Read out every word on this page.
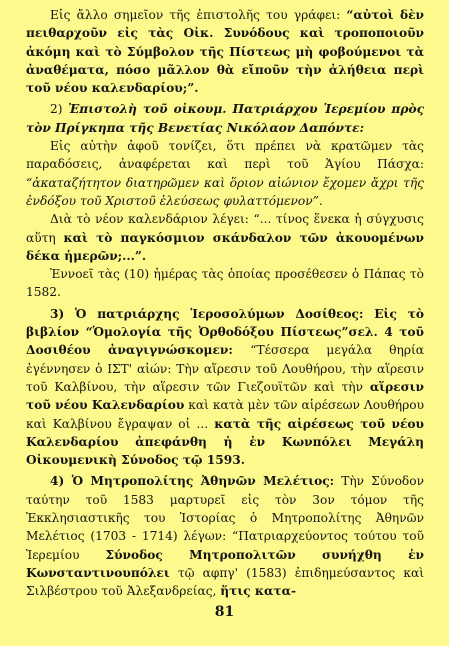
Εἰς ἄλλο σημεῖον τῆς ἐπιστολῆς του γράφει: “αὐτοὶ δὲν πειθαρχοῦν εἰς τὰς Οἰκ. Συνόδους καὶ τροποποιοῦν ἀκόμη καὶ τὸ Σύμβολον τῆς Πίστεως μὴ φοβούμενοι τὰ ἀναθέματα, πόσο μᾶλλον θὰ εἴποῦν τὴν ἀλήθεια περὶ τοῦ νέου καλενδαρίου;”.

2) Ἐπιστολὴ τοῦ οἰκουμ. Πατριάρχου Ἱερεμίου πρὸς τὸν Πρίγκηπα τῆς Βενετίας Νικόλαον Δαπόντε:

Εἰς αὐτὴν ἀφοῦ τονίζει, ὅτι πρέπει νὰ κρατῶμεν τὰς παραδόσεις, ἀναφέρεται καὶ περὶ τοῦ Ἁγίου Πάσχα: “ἀκαταζήτητον διατηρῶμεν καὶ ὅριον αἰώνιον ἔχομεν ἄχρι τῆς ἐνδόξου τοῦ Χριστοῦ ἐλεύσεως φυλαττόμενον”.

Διὰ τὸ νέον καλενδάριον λέγει: “... τίνος ἕνεκα ἡ σύγχυσις αὕτη καὶ τὸ παγκόσμιον σκάνδαλον τῶν ἀκουομένων δέκα ἡμερῶν;...”.

Ἐννοεῖ τὰς (10) ἡμέρας τὰς ὁποίας προσέθεσεν ὁ Πάπας τὸ 1582.

3) Ὁ πατριάρχης Ἱεροσολύμων Δοσίθεος: Εἰς τὸ βιβλίον “Ὁμολογία τῆς Ὀρθοδόξου Πίστεως”σελ. 4 τοῦ Δοσιθέου ἀναγιγνώσκομεν: “Τέσσερα μεγάλα θηρία ἐγέννησεν ὁ ΙΣΤ' αἰών: Τὴν αἵρεσιν τοῦ Λουθήρου, τὴν αἵρεσιν τοῦ Καλβίνου, τὴν αἵρεσιν τῶν Γιεζουϊτῶν καὶ τὴν αἵρεσιν τοῦ νέου Καλενδαρίου καὶ κατὰ μὲν τῶν αἱρέσεων Λουθήρου καὶ Καλβίνου ἔγραψαν οἱ ... κατὰ τῆς αἱρέσεως τοῦ νέου Καλενδαρίου ἀπεφάνθη ἡ ἐν Κωνπόλει Μεγάλη Οἰκουμενικὴ Σύνοδος τῷ 1593.

4) Ὁ Μητροπολίτης Ἀθηνῶν Μελέτιος: Τὴν Σύνοδον ταύτην τοῦ 1583 μαρτυρεῖ εἰς τὸν 3ον τόμον τῆς Ἐκκλησιαστικῆς του Ἱστορίας ὁ Μητροπολίτης Ἀθηνῶν Μελέτιος (1703 - 1714) λέγων: “Πατριαρχεύοντος τούτου τοῦ Ἱερεμίου Σύνοδος Μητροπολιτῶν συνήχθη ἐν Κωνσταντινουπόλει τῷ αφπγ' (1583) ἐπιδημεύσαντος καὶ Σιλβέστρου τοῦ Ἀλεξανδρείας, ἥτις κατα-

81
